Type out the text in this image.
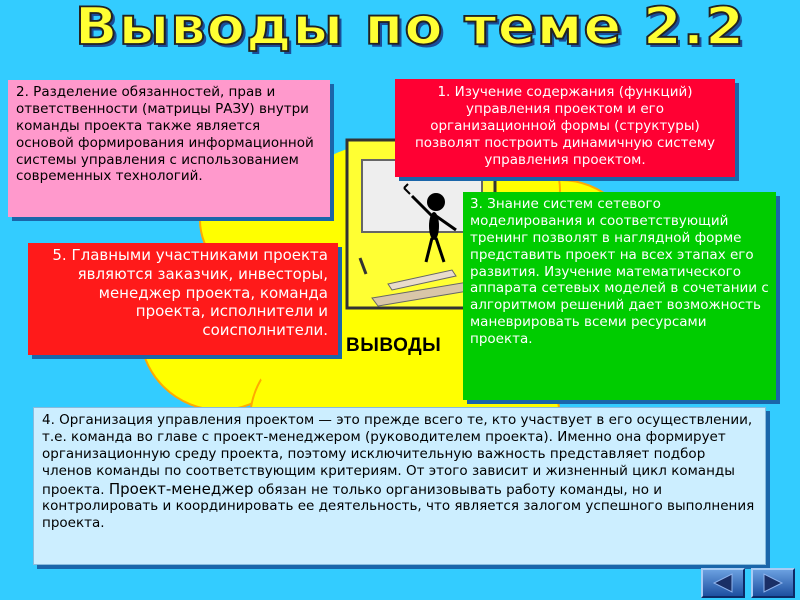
Выводы по теме 2.2
2. Разделение обязанностей, прав и ответственности (матрицы РАЗУ) внутри команды проекта также является основой формирования информационной системы управления с использованием современных технологий.
1. Изучение содержания (функций) управления проектом и его организационной формы (структуры) позволят построить динамичную систему управления проектом.
3. Знание систем сетевого моделирования и соответствующий тренинг позволят в наглядной форме представить проект на всех этапах его развития. Изучение математического аппарата сетевых моделей в сочетании с алгоритмом решений дает возможность маневрировать всеми ресурсами проекта.
5. Главными участниками проекта являются заказчик, инвесторы, менеджер проекта, команда проекта, исполнители и соисполнители.
ВЫВОДЫ
4. Организация управления проектом — это прежде всего те, кто участвует в его осуществлении, т.е. команда во главе с проект-менеджером (руководителем проекта). Именно она формирует организационную среду проекта, поэтому исключительную важность представляет подбор членов команды по соответствующим критериям. От этого зависит и жизненный цикл команды проекта. Проект-менеджер обязан не только организовывать работу команды, но и контролировать и координировать ее деятельность, что является залогом успешного выполнения проекта.
